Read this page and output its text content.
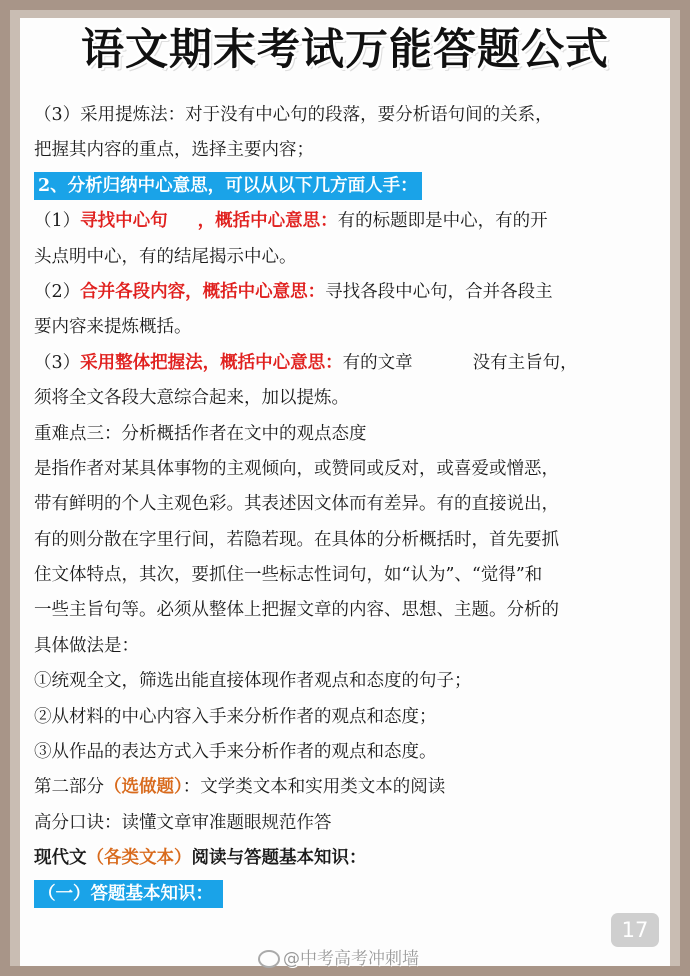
语文期末考试万能答题公式
（3）采用提炼法：对于没有中心句的段落，要分析语句间的关系，
把握其内容的重点，选择主要内容；
2、分析归纳中心意思，可以从以下几方面人手：
（1）寻找中心句 ，概括中心意思：有的标题即是中心，有的开
头点明中心，有的结尾揭示中心。
（2）合并各段内容，概括中心意思：寻找各段中心句，合并各段主
要内容来提炼概括。
（3）采用整体把握法，概括中心意思：有的文章	没有主旨句，
须将全文各段大意综合起来，加以提炼。
重难点三：分析概括作者在文中的观点态度
是指作者对某具体事物的主观倾向，或赞同或反对，或喜爱或憎恶，
带有鲜明的个人主观色彩。其表述因文体而有差异。有的直接说出，
有的则分散在字里行间，若隐若现。在具体的分析概括时，首先要抓
住文体特点，其次，要抓住一些标志性词句，如“认为”、“觉得”和
一些主旨句等。必须从整体上把握文章的内容、思想、主题。分析的
具体做法是：
①统观全文，筛选出能直接体现作者观点和态度的句子；
②从材料的中心内容入手来分析作者的观点和态度；
③从作品的表达方式入手来分析作者的观点和态度。
第二部分（选做题）：文学类文本和实用类文本的阅读
高分口诀：读懂文章审准题眼规范作答
现代文（各类文本）阅读与答题基本知识：
（一）答题基本知识：
17
@中考高考冲刺墙
